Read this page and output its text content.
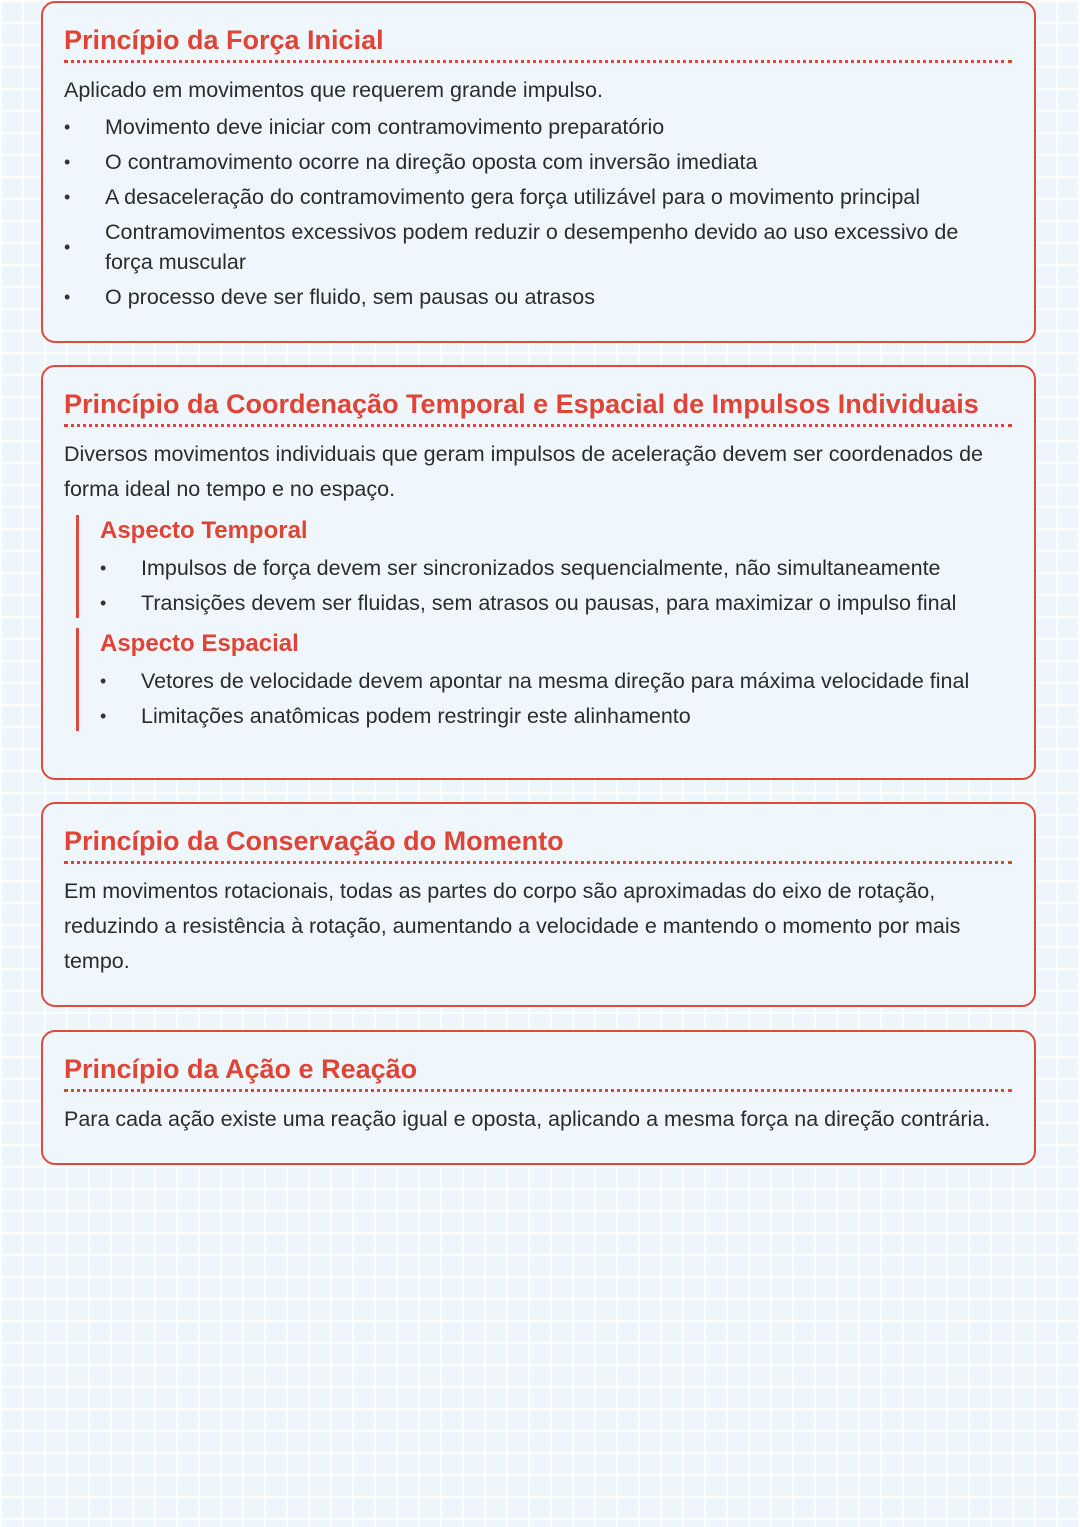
Princípio da Força Inicial

Aplicado em movimentos que requerem grande impulso.

• Movimento deve iniciar com contramovimento preparatório
• O contramovimento ocorre na direção oposta com inversão imediata
• A desaceleração do contramovimento gera força utilizável para o movimento principal
• Contramovimentos excessivos podem reduzir o desempenho devido ao uso excessivo de força muscular
• O processo deve ser fluido, sem pausas ou atrasos
Princípio da Coordenação Temporal e Espacial de Impulsos Individuais

Diversos movimentos individuais que geram impulsos de aceleração devem ser coordenados de forma ideal no tempo e no espaço.

Aspecto Temporal
• Impulsos de força devem ser sincronizados sequencialmente, não simultaneamente
• Transições devem ser fluidas, sem atrasos ou pausas, para maximizar o impulso final
Aspecto Espacial
• Vetores de velocidade devem apontar na mesma direção para máxima velocidade final
• Limitações anatômicas podem restringir este alinhamento
Princípio da Conservação do Momento

Em movimentos rotacionais, todas as partes do corpo são aproximadas do eixo de rotação, reduzindo a resistência à rotação, aumentando a velocidade e mantendo o momento por mais tempo.

Princípio da Ação e Reação

Para cada ação existe uma reação igual e oposta, aplicando a mesma força na direção contrária.
